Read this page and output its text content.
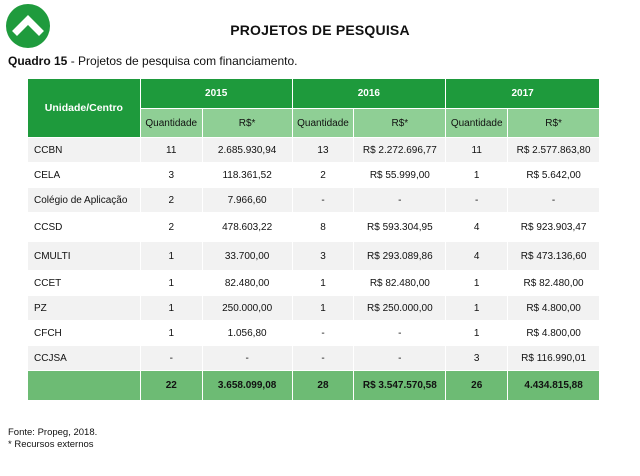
PROJETOS DE PESQUISA
Quadro 15 - Projetos de pesquisa com financiamento.
Unidade/Centro	2015		2016		2017	
	Quantidade	R$*	Quantidade	R$*	Quantidade	R$*
CCBN	11	2.685.930,94	13	R$ 2.272.696,77	11	R$ 2.577.863,80
CELA	3	118.361,52	2	R$ 55.999,00	1	R$ 5.642,00
Colégio de Aplicação	2	7.966,60	-	-	-	-
CCSD	2	478.603,22	8	R$ 593.304,95	4	R$ 923.903,47
CMULTI	1	33.700,00	3	R$ 293.089,86	4	R$ 473.136,60
CCET	1	82.480,00	1	R$ 82.480,00	1	R$ 82.480,00
PZ	1	250.000,00	1	R$ 250.000,00	1	R$ 4.800,00
CFCH	1	1.056,80	-	-	1	R$ 4.800,00
CCJSA	-	-	-	-	3	R$ 116.990,01
	22	3.658.099,08	28	R$ 3.547.570,58	26	4.434.815,88
Fonte: Propeg, 2018.
* Recursos externos
